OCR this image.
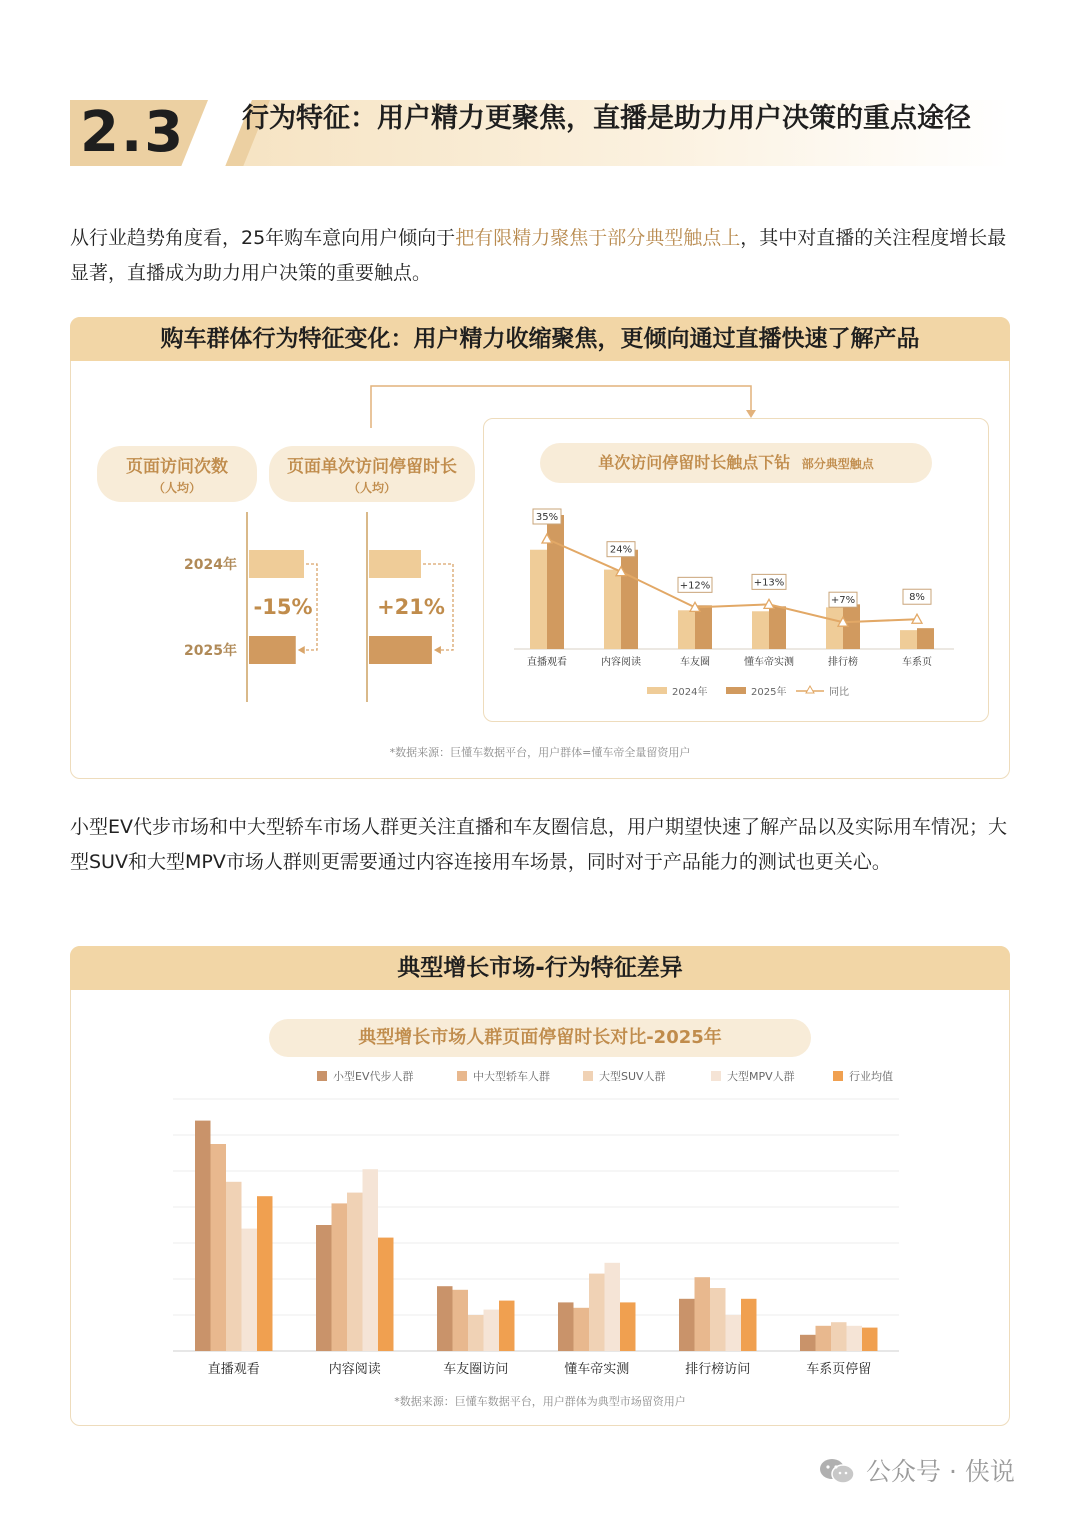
2.3 行为特征：用户精力更聚焦，直播是助力用户决策的重点途径
从行业趋势角度看，25年购车意向用户倾向于把有限精力聚焦于部分典型触点上，其中对直播的关注程度增长最显著，直播成为助力用户决策的重要触点。
购车群体行为特征变化：用户精力收缩聚焦，更倾向通过直播快速了解产品
页面访问次数
（人均）
页面单次访问停留时长
（人均）
2024年
2025年
-15%	+21%
单次访问停留时长触点下钻 部分典型触点
直播观看	内容阅读	车友圈	懂车帝实测	排行榜	车系页
35%
24%
+12%	+13%
+7%	8%
2024年	2025年	同比
*数据来源：巨懂车数据平台，用户群体=懂车帝全量留资用户
小型EV代步市场和中大型轿车市场人群更关注直播和车友圈信息，用户期望快速了解产品以及实际用车情况；大型SUV和大型MPV市场人群则更需要通过内容连接用车场景，同时对于产品能力的测试也更关心。
典型增长市场-行为特征差异
典型增长市场人群页面停留时长对比-2025年
小型EV代步人群	中大型轿车人群	大型SUV人群	大型MPV人群	行业均值
直播观看	内容阅读	车友圈访问	懂车帝实测	排行榜访问	车系页停留
*数据来源：巨懂车数据平台，用户群体为典型市场留资用户
公众号 · 侠说
